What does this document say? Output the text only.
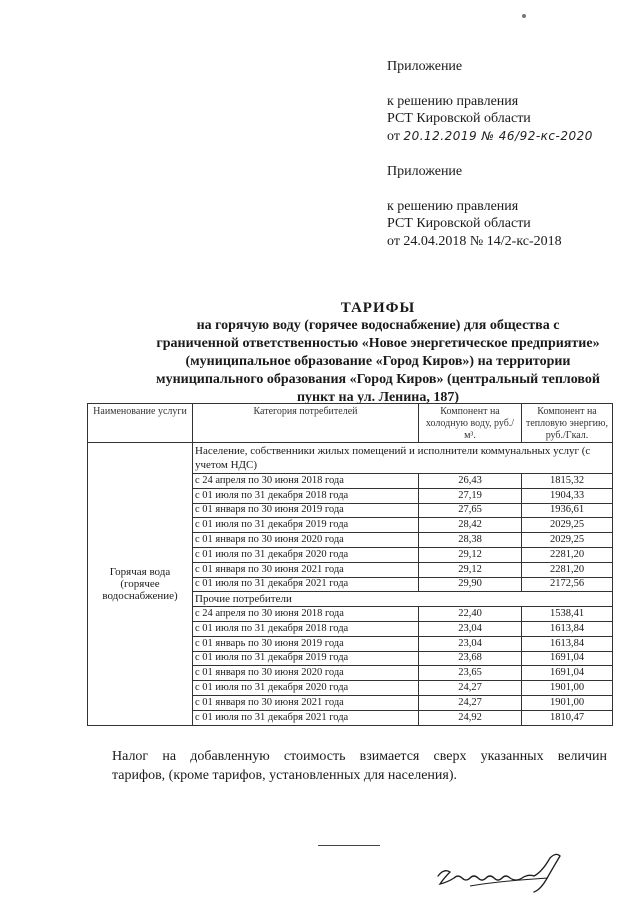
Приложение
к решению правления
РСТ Кировской области
от 20.12.2019 № 46/92-кс-2020
Приложение
к решению правления
РСТ Кировской области
от 24.04.2018 № 14/2-кс-2018
ТАРИФЫ
на горячую воду (горячее водоснабжение) для общества с
граниченной ответственностью «Новое энергетическое предприятие»
(муниципальное образование «Город Киров») на территории
муниципального образования «Город Киров» (центральный тепловой
пункт на ул. Ленина, 187)
Наименование услуги	Категория потребителей	Компонент на холодную воду, руб./м³.	Компонент на тепловую энергию, руб./Гкал.
Горячая вода (горячее водоснабжение)	Население, собственники жилых помещений и исполнители коммунальных услуг (с учетом НДС)		
	с 24 апреля по 30 июня 2018 года	26,43	1815,32
	с 01 июля по 31 декабря 2018 года	27,19	1904,33
	с 01 января по 30 июня 2019 года	27,65	1936,61
	с 01 июля по 31 декабря 2019 года	28,42	2029,25
	с 01 января по 30 июня 2020 года	28,38	2029,25
	с 01 июля по 31 декабря 2020 года	29,12	2281,20
	с 01 января по 30 июня 2021 года	29,12	2281,20
	с 01 июля по 31 декабря 2021 года	29,90	2172,56
	Прочие потребители		
	с 24 апреля по 30 июня 2018 года	22,40	1538,41
	с 01 июля по 31 декабря 2018 года	23,04	1613,84
	с 01 январь по 30 июня 2019 года	23,04	1613,84
	с 01 июля по 31 декабря 2019 года	23,68	1691,04
	с 01 января по 30 июня 2020 года	23,65	1691,04
	с 01 июля по 31 декабря 2020 года	24,27	1901,00
	с 01 января по 30 июня 2021 года	24,27	1901,00
	с 01 июля по 31 декабря 2021 года	24,92	1810,47
Налог на добавленную стоимость взимается сверх указанных величин
тарифов, (кроме тарифов, установленных для населения).
